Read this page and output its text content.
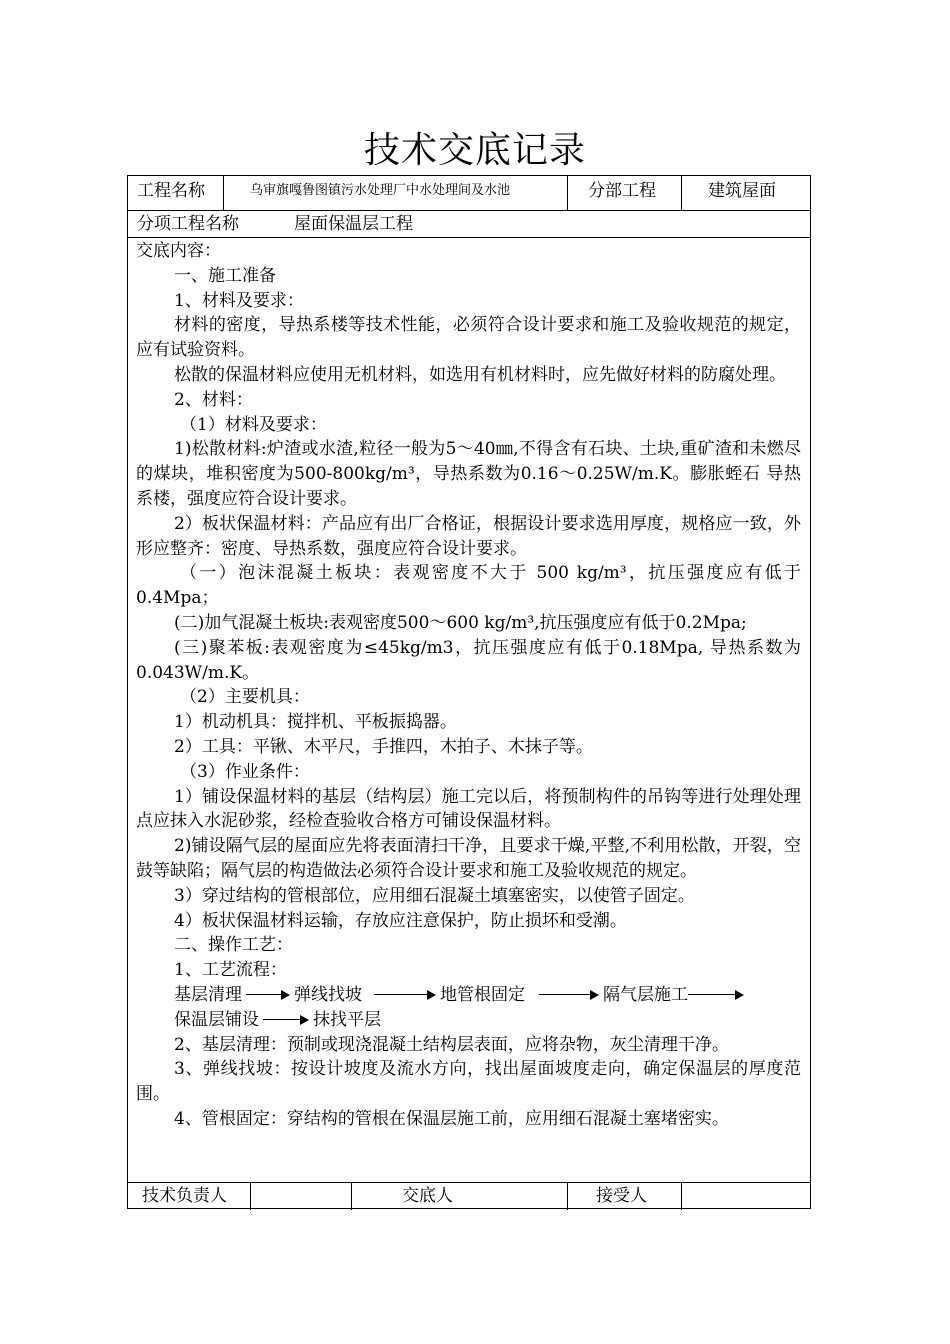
技术交底记录
工程名称	乌审旗嘎鲁图镇污水处理厂中水处理间及水池	分部工程	建筑屋面
分项工程名称	屋面保温层工程

交底内容：

一、施工准备

1、材料及要求：

材料的密度，导热系楼等技术性能，必须符合设计要求和施工及验收规范的规定，应有试验资料。

松散的保温材料应使用无机材料，如选用有机材料时，应先做好材料的防腐处理。

2、材料：

（1）材料及要求：

1)松散材料:炉渣或水渣,粒径一般为5～40㎜,不得含有石块、土块,重矿渣和未燃尽的煤块，堆积密度为500-800kg/m³，导热系数为0.16～0.25W/m.K。膨胀蛭石 导热系楼，强度应符合设计要求。

2）板状保温材料：产品应有出厂合格证，根据设计要求选用厚度，规格应一致，外形应整齐：密度、导热系数，强度应符合设计要求。

（一）泡沫混凝土板块：表观密度不大于 500 kg/m³，抗压强度应有低于 0.4Mpa；

(二)加气混凝土板块:表观密度500～600 kg/m³,抗压强度应有低于0.2Mpa;

(三)聚苯板:表观密度为≤45kg/m3，抗压强度应有低于0.18Mpa, 导热系数为0.043W/m.K。

（2）主要机具：

1）机动机具：搅拌机、平板振捣器。

2）工具：平锹、木平尺，手推四，木拍子、木抹子等。

（3）作业条件：

1）铺设保温材料的基层（结构层）施工完以后，将预制构件的吊钩等进行处理处理点应抹入水泥砂浆，经检查验收合格方可铺设保温材料。

2)铺设隔气层的屋面应先将表面清扫干净，且要求干燥,平整,不利用松散，开裂，空鼓等缺陷；隔气层的构造做法必须符合设计要求和施工及验收规范的规定。

3）穿过结构的管根部位，应用细石混凝土填塞密实，以使管子固定。

4）板状保温材料运输，存放应注意保护，防止损坏和受潮。

二、操作工艺：

1、工艺流程：

基层清理	弹线找坡	地管根固定	隔气层施工
保温层铺设	抹找平层

2、基层清理：预制或现浇混凝土结构层表面，应将杂物，灰尘清理干净。

3、弹线找坡：按设计坡度及流水方向，找出屋面坡度走向，确定保温层的厚度范围。

4、管根固定：穿结构的管根在保温层施工前，应用细石混凝土塞堵密实。

技术负责人	交底人	接受人
